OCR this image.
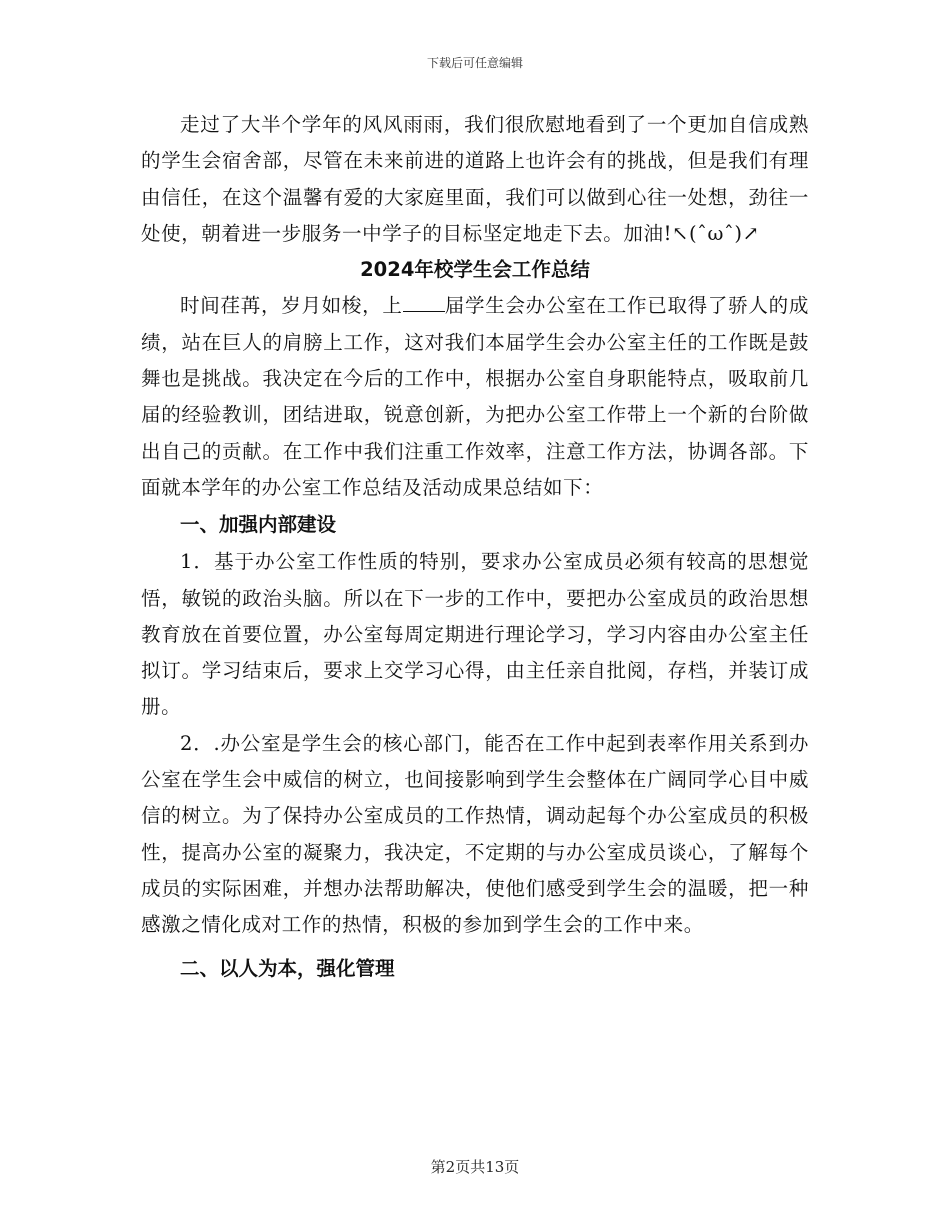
下载后可任意编辑

走过了大半个学年的风风雨雨，我们很欣慰地看到了一个更加自信成熟的学生会宿舍部，尽管在未来前进的道路上也许会有的挑战，但是我们有理由信任，在这个温馨有爱的大家庭里面，我们可以做到心往一处想，劲往一处使，朝着进一步服务一中学子的目标坚定地走下去。加油!↖(ˆωˆ)↗

2024年校学生会工作总结

时间荏苒，岁月如梭，上 届学生会办公室在工作已取得了骄人的成绩，站在巨人的肩膀上工作，这对我们本届学生会办公室主任的工作既是鼓舞也是挑战。我决定在今后的工作中，根据办公室自身职能特点，吸取前几届的经验教训，团结进取，锐意创新，为把办公室工作带上一个新的台阶做出自己的贡献。在工作中我们注重工作效率，注意工作方法，协调各部。下面就本学年的办公室工作总结及活动成果总结如下：

一、加强内部建设

1．基于办公室工作性质的特别，要求办公室成员必须有较高的思想觉悟，敏锐的政治头脑。所以在下一步的工作中，要把办公室成员的政治思想教育放在首要位置，办公室每周定期进行理论学习，学习内容由办公室主任拟订。学习结束后，要求上交学习心得，由主任亲自批阅，存档，并装订成册。

2．.办公室是学生会的核心部门，能否在工作中起到表率作用关系到办公室在学生会中威信的树立，也间接影响到学生会整体在广阔同学心目中威信的树立。为了保持办公室成员的工作热情，调动起每个办公室成员的积极性，提高办公室的凝聚力，我决定，不定期的与办公室成员谈心，了解每个成员的实际困难，并想办法帮助解决，使他们感受到学生会的温暖，把一种感激之情化成对工作的热情，积极的参加到学生会的工作中来。

二、以人为本，强化管理

第2页共13页
